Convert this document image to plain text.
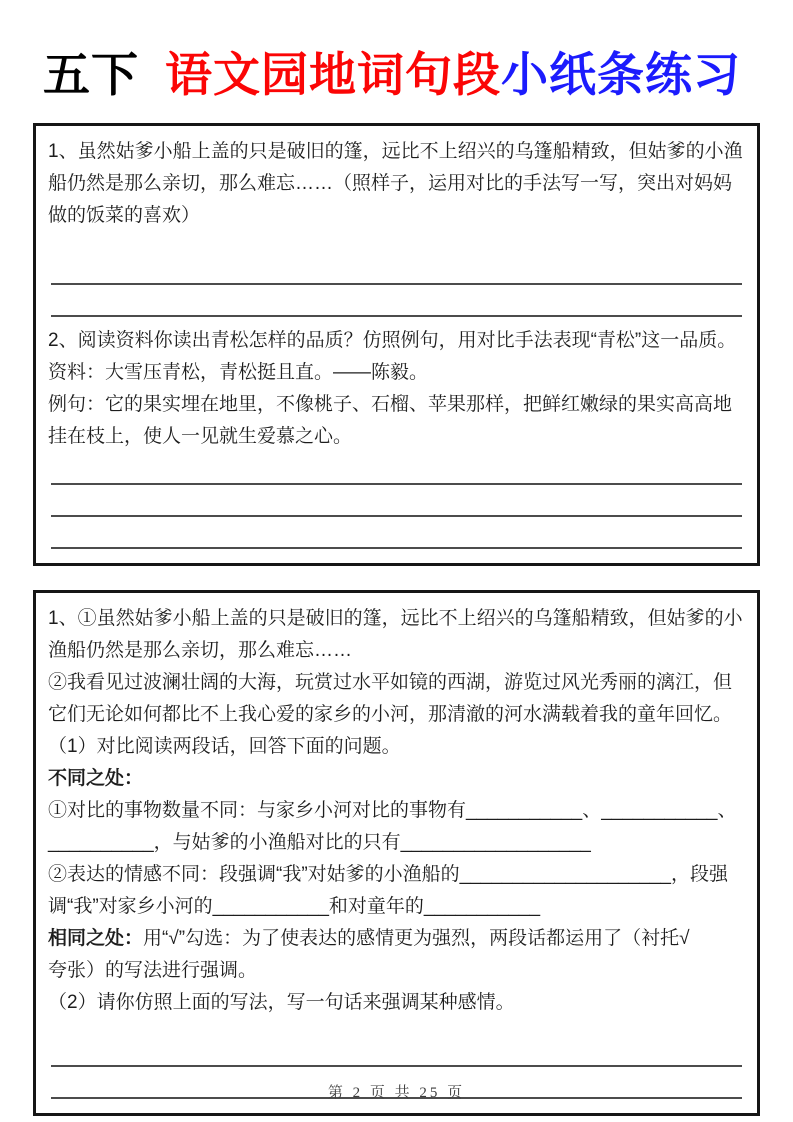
五下 语文园地词句段小纸条练习

1、虽然姑爹小船上盖的只是破旧的篷，远比不上绍兴的乌篷船精致，但姑爹的小渔船仍然是那么亲切，那么难忘……（照样子，运用对比的手法写一写，突出对妈妈做的饭菜的喜欢）

2、阅读资料你读出青松怎样的品质？仿照例句，用对比手法表现“青松”这一品质。

资料：大雪压青松，青松挺且直。——陈毅。

例句：它的果实埋在地里，不像桃子、石榴、苹果那样，把鲜红嫩绿的果实高高地挂在枝上，使人一见就生爱慕之心。

1、①虽然姑爹小船上盖的只是破旧的篷，远比不上绍兴的乌篷船精致，但姑爹的小渔船仍然是那么亲切，那么难忘……

②我看见过波澜壮阔的大海，玩赏过水平如镜的西湖，游览过风光秀丽的漓江，但它们无论如何都比不上我心爱的家乡的小河，那清澈的河水满载着我的童年回忆。

（1）对比阅读两段话，回答下面的问题。

不同之处：

①对比的事物数量不同：与家乡小河对比的事物有___________、___________、__________，与姑爹的小渔船对比的只有__________________

②表达的情感不同：段强调“我”对姑爹的小渔船的____________________，段强调“我”对家乡小河的___________和对童年的___________

相同之处：用“√”勾选：为了使表达的感情更为强烈，两段话都运用了（衬托√　　夸张）的写法进行强调。

（2）请你仿照上面的写法，写一句话来强调某种感情。

第 2 页 共 25 页
